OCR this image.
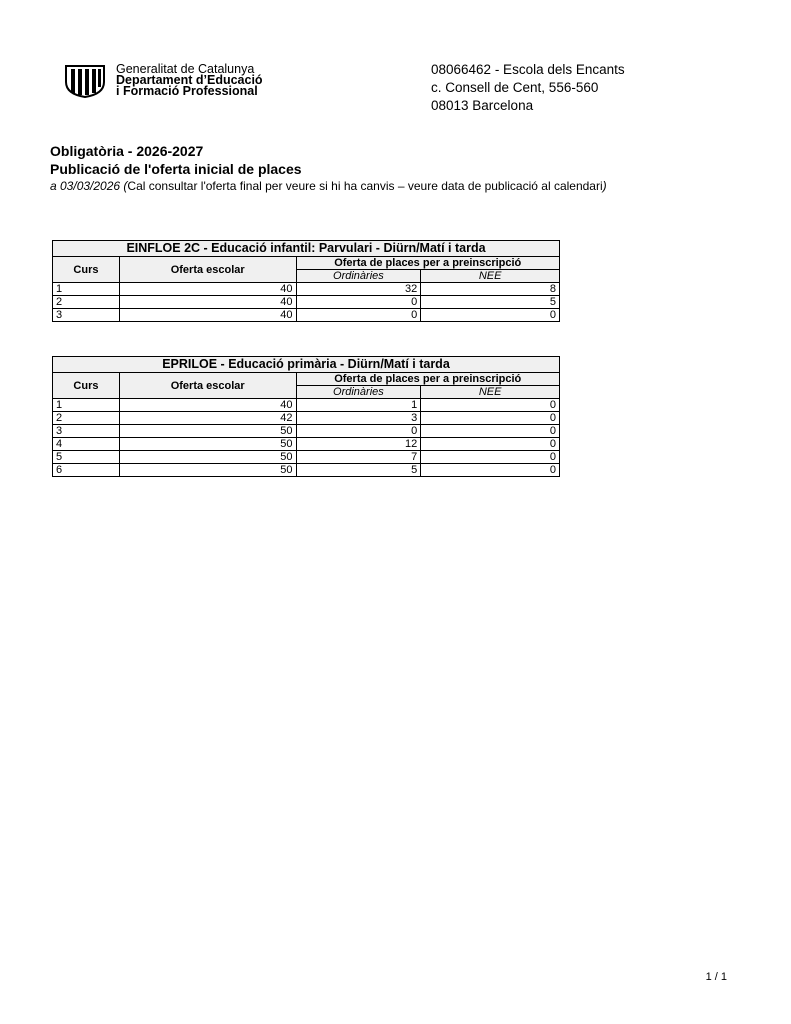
Generalitat de Catalunya
Departament d’Educació
i Formació Professional
08066462 - Escola dels Encants
c. Consell de Cent, 556-560
08013 Barcelona
Obligatòria - 2026-2027
Publicació de l'oferta inicial de places
a 03/03/2026 (Cal consultar l'oferta final per veure si hi ha canvis – veure data de publicació al calendari)
EINFLOE 2C - Educació infantil: Parvulari - Diürn/Matí i tarda			
Curs	Oferta escolar	Oferta de places per a preinscripció	
		Ordinàries	NEE
1	40	32	8
2	40	0	5
3	40	0	0
EPRILOE - Educació primària - Diürn/Matí i tarda			
Curs	Oferta escolar	Oferta de places per a preinscripció	
		Ordinàries	NEE
1	40	1	0
2	42	3	0
3	50	0	0
4	50	12	0
5	50	7	0
6	50	5	0
1 / 1
